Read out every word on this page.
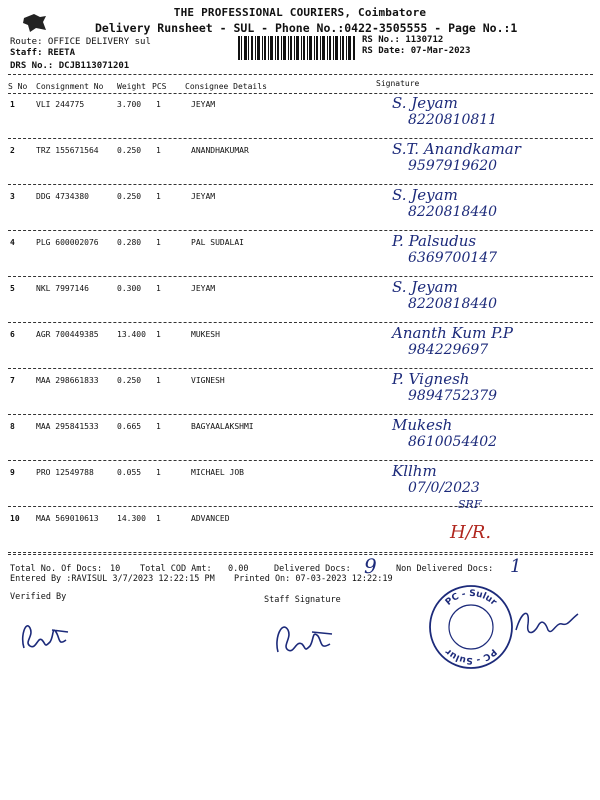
THE PROFESSIONAL COURIERS, Coimbatore
Delivery Runsheet - SUL - Phone No.:0422-3505555 - Page No.:1
Route: OFFICE DELIVERY sul
Staff: REETA
DRS No.: DCJB113071201
RS No.: 1130712
RS Date: 07-Mar-2023
S No Consignment No Weight PCS Consignee Details	Signature
1	VLI 244775	3.700 1	JEYAM	S. Jeyam
8220810811
2	TRZ 155671564 0.250 1	ANANDHAKUMAR	S.T. Anandkamar
9597919620
3	DDG 4734380	0.250 1	JEYAM	S. Jeyam
8220818440
4	PLG 600002076 0.280 1	PAL SUDALAI	P. Palsudus
6369700147
5	NKL 7997146	0.300 1	JEYAM	S. Jeyam
8220818440
6	AGR 700449385 13.400 1	MUKESH	Ananth Kum P.P
984229697
7	MAA 298661833 0.250 1	VIGNESH	P. Vignesh
9894752379
8	MAA 295841533 0.665 1	BAGYAALAKSHMI	Mukesh
8610054402
9	PRO 12549788	0.055 1	MICHAEL JOB	Kllhm
07/0/2023
10 MAA 569010613 14.300 1	ADVANCED
H/R.
SRF
Total No. Of Docs: 10 Total COD Amt: 0.00	Delivered Docs: 9 Non Delivered Docs: 1
Entered By :RAVISUL 3/7/2023 12:22:15 PM Printed On: 07-03-2023 12:22:19
Verified By	Staff Signature	PC - Sulur
PC - Sulur
